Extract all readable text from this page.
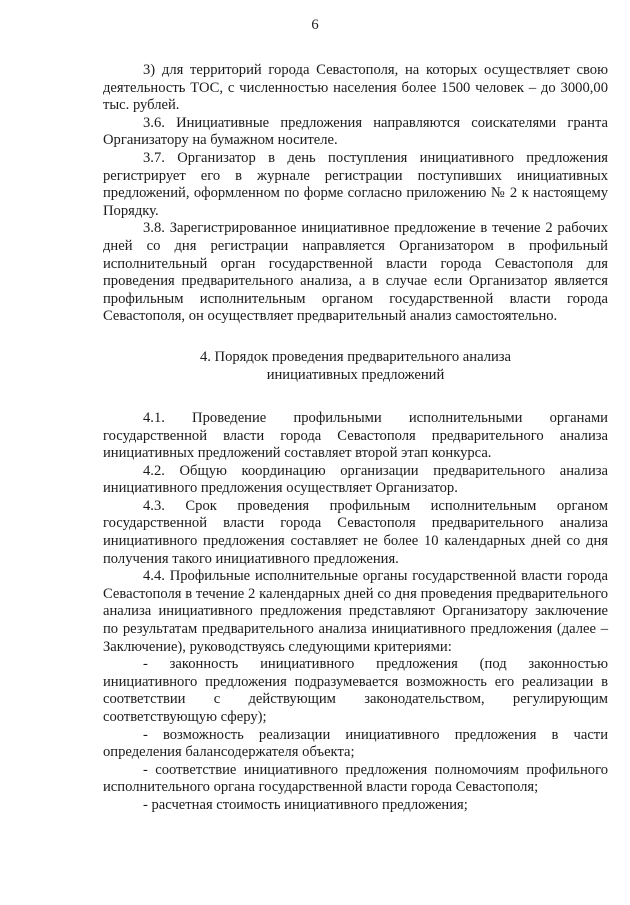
6

3) для территорий города Севастополя, на которых осуществляет свою деятельность ТОС, с численностью населения более 1500 человек – до 3000,00 тыс. рублей.

3.6. Инициативные предложения направляются соискателями гранта Организатору на бумажном носителе.

3.7. Организатор в день поступления инициативного предложения регистрирует его в журнале регистрации поступивших инициативных предложений, оформленном по форме согласно приложению № 2 к настоящему Порядку.

3.8. Зарегистрированное инициативное предложение в течение 2 рабочих дней со дня регистрации направляется Организатором в профильный исполнительный орган государственной власти города Севастополя для проведения предварительного анализа, а в случае если Организатор является профильным исполнительным органом государственной власти города Севастополя, он осуществляет предварительный анализ самостоятельно.

4. Порядок проведения предварительного анализа
инициативных предложений

4.1. Проведение профильными исполнительными органами государственной власти города Севастополя предварительного анализа инициативных предложений составляет второй этап конкурса.

4.2. Общую координацию организации предварительного анализа инициативного предложения осуществляет Организатор.

4.3. Срок проведения профильным исполнительным органом государственной власти города Севастополя предварительного анализа инициативного предложения составляет не более 10 календарных дней со дня получения такого инициативного предложения.

4.4. Профильные исполнительные органы государственной власти города Севастополя в течение 2 календарных дней со дня проведения предварительного анализа инициативного предложения представляют Организатору заключение по результатам предварительного анализа инициативного предложения (далее – Заключение), руководствуясь следующими критериями:

- законность инициативного предложения (под законностью инициативного предложения подразумевается возможность его реализации в соответствии с действующим законодательством, регулирующим соответствующую сферу);

- возможность реализации инициативного предложения в части определения балансодержателя объекта;

- соответствие инициативного предложения полномочиям профильного исполнительного органа государственной власти города Севастополя;

- расчетная стоимость инициативного предложения;
